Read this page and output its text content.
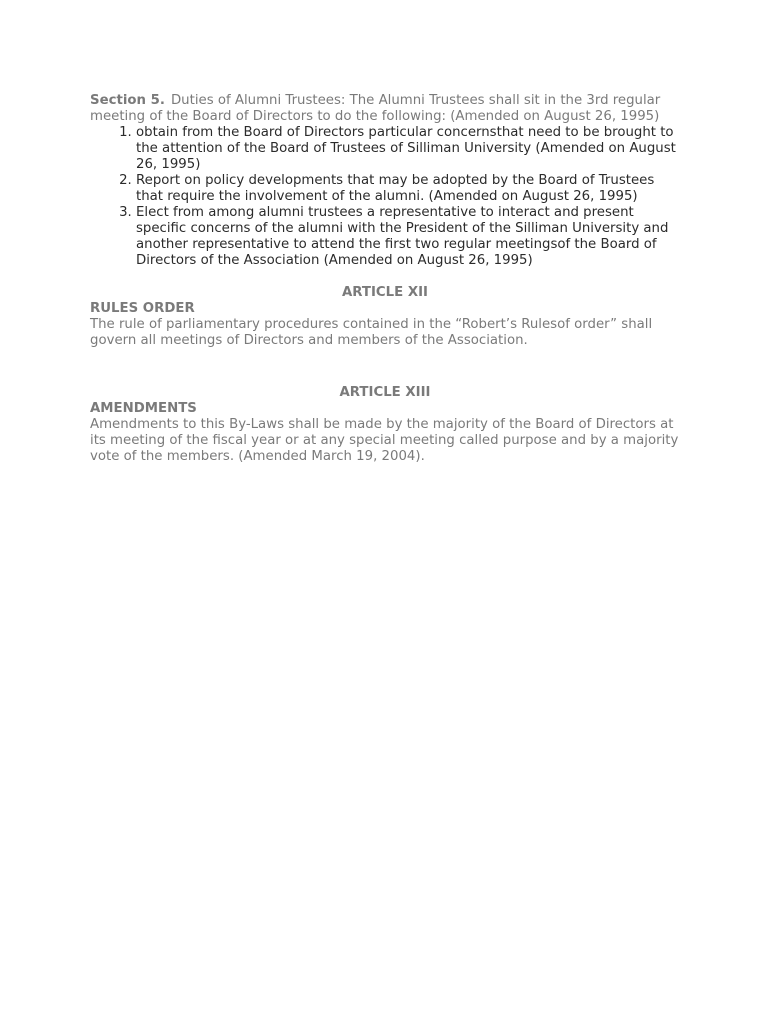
Section 5. Duties of Alumni Trustees: The Alumni Trustees shall sit in the 3rd regular meeting of the Board of Directors to do the following: (Amended on August 26, 1995)

1. obtain from the Board of Directors particular concernsthat need to be brought to the attention of the Board of Trustees of Silliman University (Amended on August 26, 1995)
2. Report on policy developments that may be adopted by the Board of Trustees that require the involvement of the alumni. (Amended on August 26, 1995)
3. Elect from among alumni trustees a representative to interact and present specific concerns of the alumni with the President of the Silliman University and another representative to attend the first two regular meetingsof the Board of Directors of the Association (Amended on August 26, 1995)

ARTICLE XII

RULES ORDER

The rule of parliamentary procedures contained in the “Robert’s Rulesof order” shall govern all meetings of Directors and members of the Association.

ARTICLE XIII

AMENDMENTS

Amendments to this By-Laws shall be made by the majority of the Board of Directors at its meeting of the fiscal year or at any special meeting called purpose and by a majority vote of the members. (Amended March 19, 2004).
